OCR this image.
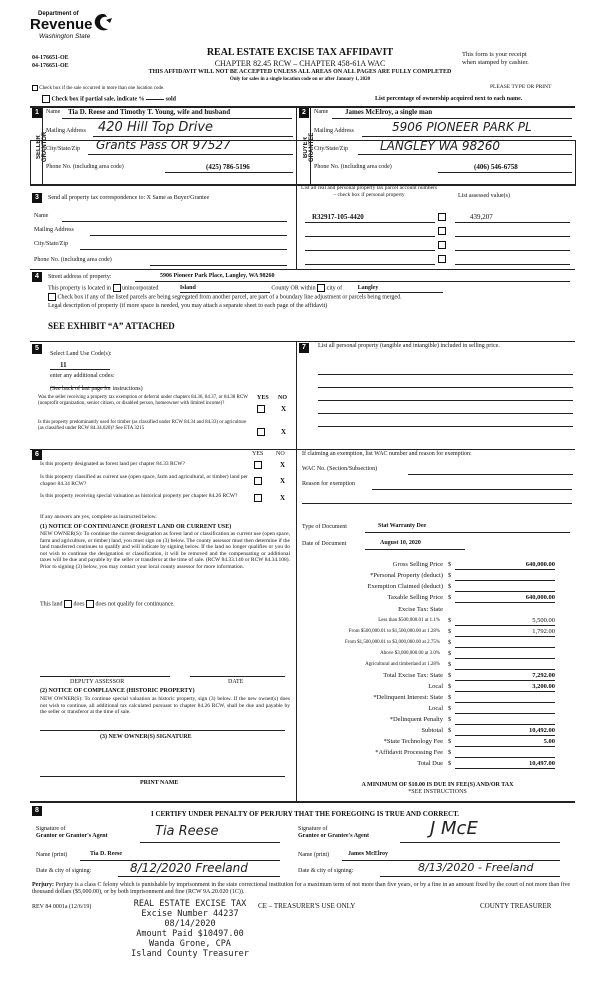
Department of
Revenue
Washington State
04-176651-OE
04-176651-OE
REAL ESTATE EXCISE TAX AFFIDAVIT
CHAPTER 82.45 RCW – CHAPTER 458-61A WAC
THIS AFFIDAVIT WILL NOT BE ACCEPTED UNLESS ALL AREAS ON ALL PAGES ARE FULLY COMPLETED
Only for sales in a single location code on or after January 1, 2020
This form is your receipt
when stamped by cashier.
PLEASE TYPE OR PRINT
Check box if the sale occurred in more than one location code.
Check box if partial sale, indicate %	sold	List percentage of ownership acquired next to each name.
1
SELLER GRANTOR
Name Tia D. Reese and Timothy T. Young, wife and husband
Mailing Address 420 Hill Top Drive
City/State/Zip Grants Pass OR 97527
Phone No. (including area code)	(425) 786-5196
2
BUYER GRANTEE
Name James McElroy, a single man
Mailing Address	5906 PIONEER PARK PL
City/State/Zip	LANGLEY WA 98260
Phone No. (including area code)	(406) 546-6758
3	Send all property tax correspondence to: X Same as Buyer/Grantee
List all real and personal property tax parcel account numbers – check box if personal property	List assessed value(s)
Name
Mailing Address
City/State/Zip
Phone No. (including area code)
R32917-105-4420	439,207
4	Street address of property:	5906 Pioneer Park Place, Langley, WA 98260
This property is located in unincorporated	Island	County OR within city of	Langley
Check box if any of the listed parcels are being segregated from another parcel, are part of a boundary line adjustment or parcels being merged.
Legal description of property (if more space is needed, you may attach a separate sheet to each page of the affidavit)
SEE EXHIBIT “A” ATTACHED
5
Select Land Use Code(s):
11
enter any additional codes:
(See back of last page for instructions)
YES NO
Was the seller receiving a property tax exemption or deferral under chapters 84.36, 84.37, or 84.38 RCW (nonprofit organization, senior citizen, or disabled person, homeowner with limited income)?
X
Is this property predominantly used for timber (as classified under RCW 84.34 and 84.33) or agriculture (as classified under RCW 84.34.020)? See ETA 3215	X
6	YES NO
Is this property designated as forest land per chapter 84.33 RCW?	X
Is this property classified as current use (open space, farm and agricultural, or timber) land per chapter 84.34 RCW?	X
Is this property receiving special valuation as historical property per chapter 84.26 RCW?	X
If any answers are yes, complete as instructed below.
(1) NOTICE OF CONTINUANCE (FOREST LAND OR CURRENT USE)
NEW OWNER(S): To continue the current designation as forest land or classification as current use (open space, farm and agriculture, or timber) land, you must sign on (3) below. The county assessor must then determine if the land transferred continues to qualify and will indicate by signing below. If the land no longer qualifies or you do not wish to continue the designation or classification, it will be removed and the compensating or additional taxes will be due and payable by the seller or transferor at the time of sale. (RCW 84.33.140 or RCW 84.34.108). Prior to signing (3) below, you may contact your local county assessor for more information.
This land does does not qualify for continuance.
DEPUTY ASSESSOR	DATE
(2) NOTICE OF COMPLIANCE (HISTORIC PROPERTY)
NEW OWNER(S): To continue special valuation as historic property, sign (3) below. If the new owner(s) does not wish to continue, all additional tax calculated pursuant to chapter 84.26 RCW, shall be due and payable by the seller or transferor at the time of sale.
(3) NEW OWNER(S) SIGNATURE
PRINT NAME
7	List all personal property (tangible and intangible) included in selling price.
If claiming an exemption, list WAC number and reason for exemption:
WAC No. (Section/Subsection)
Reason for exemption
Type of Document	Stat Warranty Dee
Date of Document	August 10, 2020
Gross Selling Price $	640,000.00
*Personal Property (deduct) $
Exemption Claimed (deduct) $
Taxable Selling Price $	640,000.00
Excise Tax: State
Less than $500,000.01 at 1.1% $	5,500.00
From $500,000.01 to $1,500,000.00 at 1.28% $	1,792.00
From $1,500,000.01 to $3,000,000.00 at 2.75% $
Above $3,000,000.00 at 3.0% $
Agricultural and timberland at 1.28% $
Total Excise Tax: State $	7,292.00
Local $	3,200.00
*Delinquent Interest: State $
Local $
*Delinquent Penalty $
Subtotal $	10,492.00
*State Technology Fee $	5.00
*Affidavit Processing Fee $
Total Due $	10,497.00
A MINIMUM OF $10.00 IS DUE IN FEE(S) AND/OR TAX
*SEE INSTRUCTIONS
8	I CERTIFY UNDER PENALTY OF PERJURY THAT THE FOREGOING IS TRUE AND CORRECT.
Signature of
Grantor or Grantor's Agent	Tia Reese	Signature of
Grantee or Grantee's Agent	J McE
Name (print)	Tia D. Reese	Name (print)	James McElroy
Date & city of signing:	8/12/2020 Freeland	Date & city of signing:	8/13/2020 - Freeland
Perjury: Perjury is a class C felony which is punishable by imprisonment in the state correctional institution for a maximum term of not more than five years, or by a fine in an amount fixed by the court of not more than five thousand dollars ($5,000.00), or by both imprisonment and fine (RCW 9A.20.020 (1C)).
REV 84 0001a (12/6/19)	CE – TREASURER'S USE ONLY	COUNTY TREASURER
REAL ESTATE EXCISE TAX
Excise Number 44237
08/14/2020
Amount Paid $10497.00
Wanda Grone, CPA
Island County Treasurer
